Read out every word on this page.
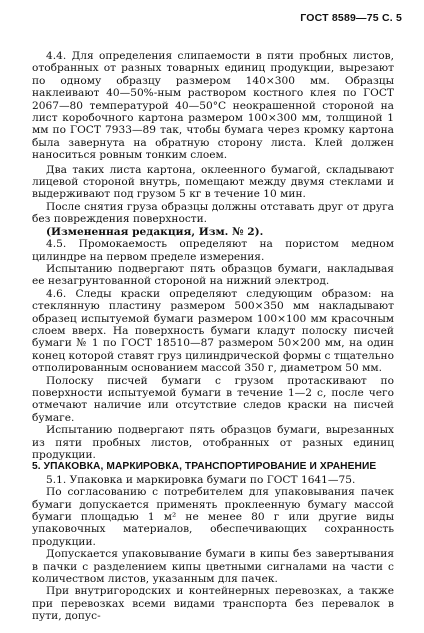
ГОСТ 8589—75 С. 5

4.4. Для определения слипаемости в пяти пробных листов, отобранных от разных товарных единиц продукции, вырезают по одному образцу размером 140×300 мм. Образцы наклеивают 40—50%-ным раствором костного клея по ГОСТ 2067—80 температурой 40—50°С неокрашенной стороной на лист коробочного картона размером 100×300 мм, толщиной 1 мм по ГОСТ 7933—89 так, чтобы бумага через кромку картона была завернута на обратную сторону листа. Клей должен наноситься ровным тонким слоем.

Два таких листа картона, оклеенного бумагой, складывают лицевой стороной внутрь, помещают между двумя стеклами и выдерживают под грузом 5 кг в течение 10 мин.

После снятия груза образцы должны отставать друг от друга без повреждения поверхности.

(Измененная редакция, Изм. № 2).

4.5. Промокаемость определяют на пористом медном цилиндре на первом пределе измерения.

Испытанию подвергают пять образцов бумаги, накладывая ее незагрунтованной стороной на нижний электрод.

4.6. Следы краски определяют следующим образом: на стеклянную пластину размером 500×350 мм накладывают образец испытуемой бумаги размером 100×100 мм красочным слоем вверх. На поверхность бумаги кладут полоску писчей бумаги № 1 по ГОСТ 18510—87 размером 50×200 мм, на один конец которой ставят груз цилиндрической формы с тщательно отполированным основанием массой 350 г, диаметром 50 мм.

Полоску писчей бумаги с грузом протаскивают по поверхности испытуемой бумаги в течение 1—2 с, после чего отмечают наличие или отсутствие следов краски на писчей бумаге.

Испытанию подвергают пять образцов бумаги, вырезанных из пяти пробных листов, отобранных от разных единиц продукции.

5. УПАКОВКА, МАРКИРОВКА, ТРАНСПОРТИРОВАНИЕ И ХРАНЕНИЕ

5.1. Упаковка и маркировка бумаги по ГОСТ 1641—75.

По согласованию с потребителем для упаковывания пачек бумаги допускается применять проклеенную бумагу массой бумаги площадью 1 м² не менее 80 г или другие виды упаковочных материалов, обеспечивающих сохранность продукции.

Допускается упаковывание бумаги в кипы без завертывания в пачки с разделением кипы цветными сигналами на части с количеством листов, указанным для пачек.

При внутригородских и контейнерных перевозках, а также при перевозках всеми видами транспорта без перевалок в пути, допус-
